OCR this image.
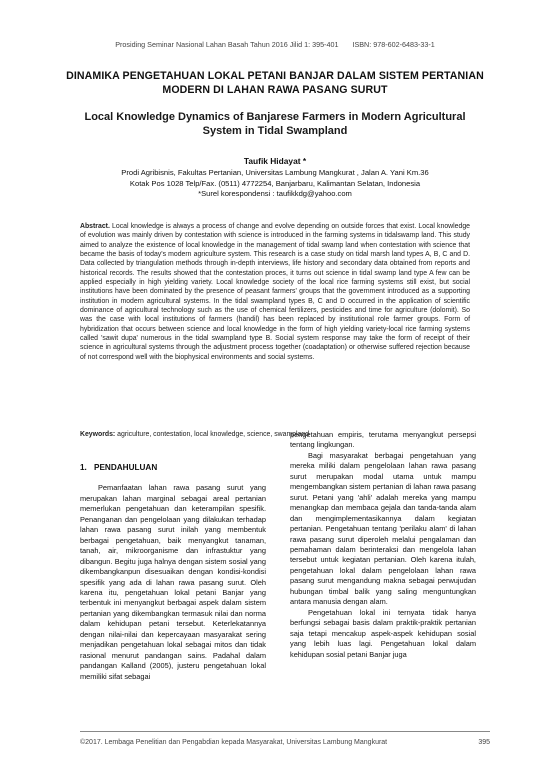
Prosiding Seminar Nasional Lahan Basah Tahun 2016 Jilid 1: 395-401 ISBN: 978-602-6483-33-1
DINAMIKA PENGETAHUAN LOKAL PETANI BANJAR DALAM SISTEM PERTANIAN MODERN DI LAHAN RAWA PASANG SURUT
Local Knowledge Dynamics of Banjarese Farmers in Modern Agricultural System in Tidal Swampland
Taufik Hidayat *
Prodi Agribisnis, Fakultas Pertanian, Universitas Lambung Mangkurat , Jalan A. Yani Km.36
Kotak Pos 1028 Telp/Fax. (0511) 4772254, Banjarbaru, Kalimantan Selatan, Indonesia
*Surel korespondensi : taufikkdg@yahoo.com
Abstract. Local knowledge is always a process of change and evolve depending on outside forces that exist. Local knowledge of evolution was mainly driven by contestation with science is introduced in the farming systems in tidalswamp land. This study aimed to analyze the existence of local knowledge in the management of tidal swamp land when contestation with science that became the basis of today's modern agriculture system. This research is a case study on tidal marsh land types A, B, C and D. Data collected by triangulation methods through in-depth interviews, life history and secondary data obtained from reports and historical records. The results showed that the contestation proces, it turns out science in tidal swamp land type A few can be applied especially in high yielding variety. Local knowledge society of the local rice farming systems still exist, but social institutions have been dominated by the presence of peasant farmers' groups that the government introduced as a supporting institution in modern agricultural systems. In the tidal swampland types B, C and D occurred in the application of scientific dominance of agricultural technology such as the use of chemical fertilizers, pesticides and time for agriculture (dolomit). So was the case with local institutions of farmers (handil) has been replaced by institutional role farmer groups. Form of hybridization that occurs between science and local knowledge in the form of high yielding variety-local rice farming systems called 'sawit dupa' numerous in the tidal swampland type B. Social system response may take the form of receipt of their science in agricultural systems through the adjustment process together (coadaptation) or otherwise suffered rejection because of not correspond well with the biophysical environments and social systems.
Keywords: agriculture, contestation, local knowledge, science, swampland
1. PENDAHULUAN

Pemanfaatan lahan rawa pasang surut yang merupakan lahan marginal sebagai areal pertanian memerlukan pengetahuan dan keterampilan spesifik. Penanganan dan pengelolaan yang dilakukan terhadap lahan rawa pasang surut inilah yang membentuk berbagai pengetahuan, baik menyangkut tanaman, tanah, air, mikroorganisme dan infrastuktur yang dibangun. Begitu juga halnya dengan sistem sosial yang dikembangkanpun disesuaikan dengan kondisi-kondisi spesifik yang ada di lahan rawa pasang surut. Oleh karena itu, pengetahuan lokal petani Banjar yang terbentuk ini menyangkut berbagai aspek dalam sistem pertanian yang dikembangkan termasuk nilai dan norma dalam kehidupan petani tersebut. Keterlekatannya dengan nilai-nilai dan kepercayaan masyarakat sering menjadikan pengetahuan lokal sebagai mitos dan tidak rasional menurut pandangan sains. Padahal dalam pandangan Kalland (2005), justeru pengetahuan lokal memiliki sifat sebagai

pengetahuan empiris, terutama menyangkut persepsi tentang lingkungan.

Bagi masyarakat berbagai pengetahuan yang mereka miliki dalam pengelolaan lahan rawa pasang surut merupakan modal utama untuk mampu mengembangkan sistem pertanian di lahan rawa pasang surut. Petani yang 'ahli' adalah mereka yang mampu menangkap dan membaca gejala dan tanda-tanda alam dan mengimplementasikannya dalam kegiatan pertanian. Pengetahuan tentang 'perilaku alam' di lahan rawa pasang surut diperoleh melalui pengalaman dan pemahaman dalam berinteraksi dan mengelola lahan tersebut untuk kegiatan pertanian. Oleh karena itulah, pengetahuan lokal dalam pengelolaan lahan rawa pasang surut mengandung makna sebagai perwujudan hubungan timbal balik yang saling menguntungkan antara manusia dengan alam.

Pengetahuan lokal ini ternyata tidak hanya berfungsi sebagai basis dalam praktik-praktik pertanian saja tetapi mencakup aspek-aspek kehidupan sosial yang lebih luas lagi. Pengetahuan lokal dalam kehidupan sosial petani Banjar juga

©2017. Lembaga Penelitian dan Pengabdian kepada Masyarakat, Universitas Lambung Mangkurat	395
